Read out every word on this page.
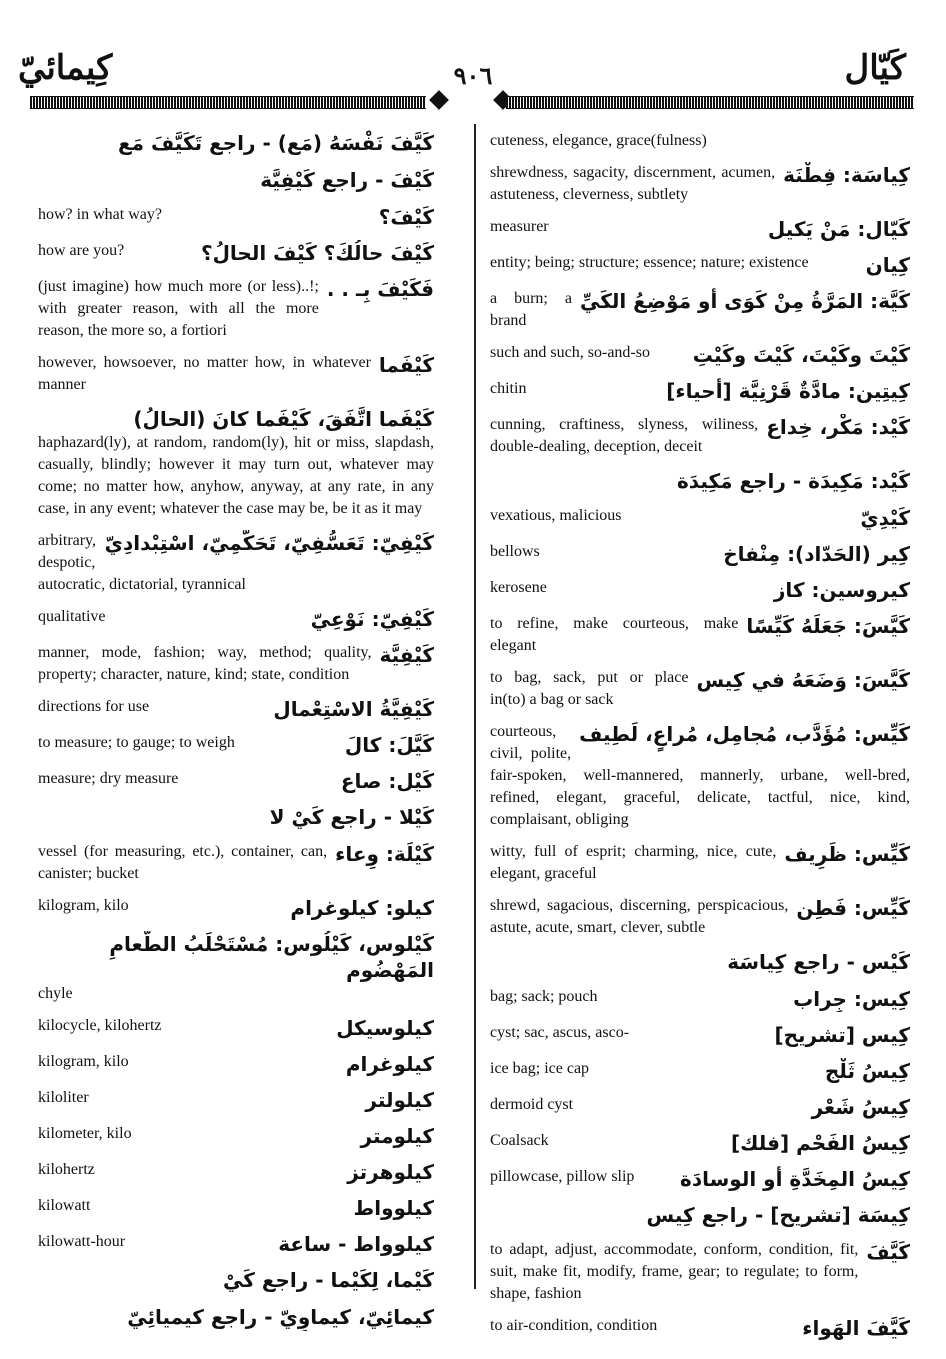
كِيمائيّ	٩٠٦	كَيّال
كَيَّفَ نَفْسَهُ (مَع) - راجع تَكَيَّفَ مَع
كَيْفَ - راجع كَيْفِيَّة
كَيْفَ؟
how? in what way?
كَيْفَ حالُكَ؟ كَيْفَ الحالُ؟
how are you?
فَكَيْفَ بِـ . .
(just imagine) how much more (or less)..!; with greater reason, with all the more reason, the more so, a fortiori
كَيْفَما
however, howsoever, no matter how, in whatever manner
كَيْفَما اتَّفَقَ، كَيْفَما كانَ (الحالُ)
haphazard(ly), at random, random(ly), hit or miss, slapdash, casually, blindly; however it may turn out, whatever may come; no matter how, anyhow, anyway, at any rate, in any case, in any event; whatever the case may be, be it as it may
كَيْفِيّ: تَعَسُّفِيّ، تَحَكُّمِيّ، اسْتِبْدادِيّ
arbitrary, despotic, autocratic, dictatorial, tyrannical
كَيْفِيّ: نَوْعِيّ
qualitative
كَيْفِيَّة
manner, mode, fashion; way, method; quality, property; character, nature, kind; state, condition
كَيْفِيَّةُ الاسْتِعْمال
directions for use
كَيَّلَ: كالَ
to measure; to gauge; to weigh
كَيْل: صاع
measure; dry measure
كَيْلا - راجع كَيْ لا
كَيْلَة: وِعاء
vessel (for measuring, etc.), container, can, canister; bucket
كيلو: كيلوغرام
kilogram, kilo
كَيْلوس، كَيْلُوس: مُسْتَحْلَبُ الطَّعامِ المَهْضُوم
chyle
كيلوسيكل
kilocycle, kilohertz
كيلوغرام
kilogram, kilo
كيلولتر
kiloliter
كيلومتر
kilometer, kilo
كيلوهرتز
kilohertz
كيلوواط
kilowatt
كيلوواط - ساعة
kilowatt-hour
كَيْما، لِكَيْما - راجع كَيْ
كيمائِيّ، كيماوِيّ - راجع كيميائِيّ
cuteness, elegance, grace(fulness)
كِياسَة: فِطْنَة
shrewdness, sagacity, discernment, acumen, astuteness, cleverness, subtlety
كَيّال: مَنْ يَكيل
measurer
كِيان
entity; being; structure; essence; nature; existence
كَيَّة: المَرَّةُ مِنْ كَوَى أو مَوْضِعُ الكَيِّ
a burn; a brand
كَيْتَ وكَيْتَ، كَيْتَ وكَيْتِ
such and such, so-and-so
كِيتِين: مادَّةٌ قَرْنِيَّة [أحياء]
chitin
كَيْد: مَكْر، خِداع
cunning, craftiness, slyness, wiliness, double-dealing, deception, deceit
كَيْد: مَكِيدَة - راجع مَكِيدَة
كَيْدِيّ
vexatious, malicious
كِير (الحَدّاد): مِنْفاخ
bellows
كيروسين: كاز
kerosene
كَيَّسَ: جَعَلَهُ كَيِّسًا
to refine, make courteous, make elegant
كَيَّسَ: وَضَعَهُ في كِيس
to bag, sack, put or place in(to) a bag or sack
كَيِّس: مُؤَدَّب، مُجامِل، مُراعٍ، لَطِيف
courteous, civil, polite, fair-spoken, well-mannered, mannerly, urbane, well-bred, refined, elegant, graceful, delicate, tactful, nice, kind, complaisant, obliging
كَيِّس: ظَرِيف
witty, full of esprit; charming, nice, cute, elegant, graceful
كَيِّس: فَطِن
shrewd, sagacious, discerning, perspicacious, astute, acute, smart, clever, subtle
كَيْس - راجع كِياسَة
كِيس: جِراب
bag; sack; pouch
كِيس [تشريح]
cyst; sac, ascus, asco-
كِيسُ ثَلْج
ice bag; ice cap
كِيسُ شَعْر
dermoid cyst
كِيسُ الفَحْم [فلك]
Coalsack
كِيسُ المِخَدَّةِ أو الوِسادَة
pillowcase, pillow slip
كِيسَة [تشريح] - راجع كِيس
كَيَّفَ
to adapt, adjust, accommodate, conform, condition, fit, suit, make fit, modify, frame, gear; to regulate; to form, shape, fashion
كَيَّفَ الهَواء
to air-condition, condition
